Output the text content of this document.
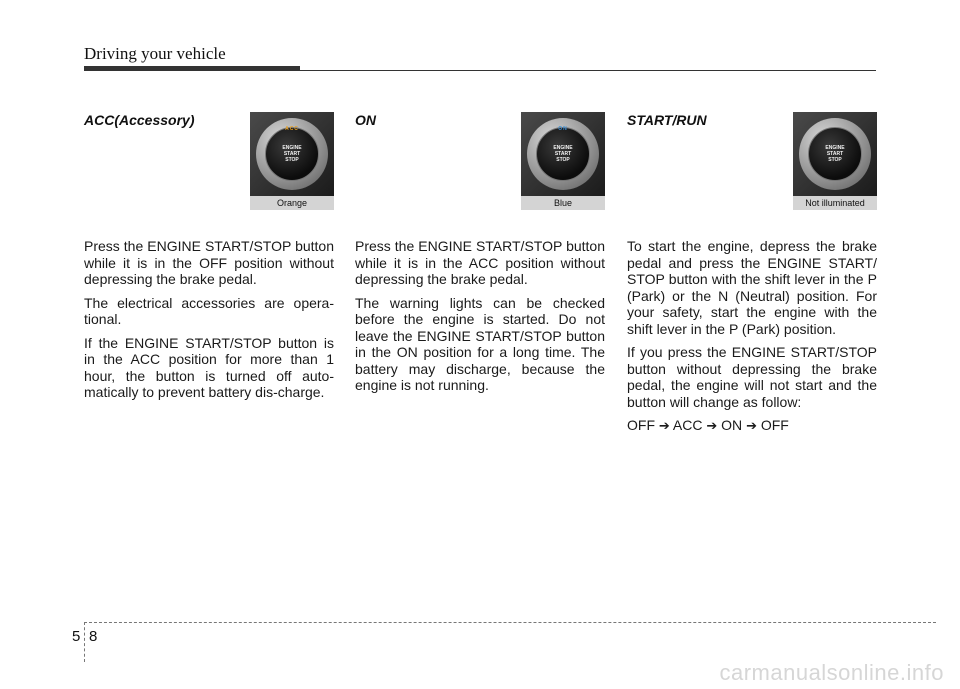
Driving your vehicle
ACC(Accessory)
ACC
ENGINE
START
STOP
Orange

Press the ENGINE START/STOP button while it is in the OFF position without depressing the brake pedal.

The electrical accessories are opera-tional.

If the ENGINE START/STOP button is in the ACC position for more than 1 hour, the button is turned off auto-matically to prevent battery dis-charge.

ON
ON
ENGINE
START
STOP
Blue

Press the ENGINE START/STOP button while it is in the ACC position without depressing the brake pedal.

The warning lights can be checked before the engine is started. Do not leave the ENGINE START/STOP button in the ON position for a long time. The battery may discharge, because the engine is not running.

START/RUN
ENGINE
START
STOP
Not illuminated

To start the engine, depress the brake pedal and press the ENGINE START/ STOP button with the shift lever in the P (Park) or the N (Neutral) position. For your safety, start the engine with the shift lever in the P (Park) position.

If you press the ENGINE START/STOP button without depressing the brake pedal, the engine will not start and the button will change as follow:

OFF ➔ ACC ➔ ON ➔ OFF

5 8
carmanualsonline.info
